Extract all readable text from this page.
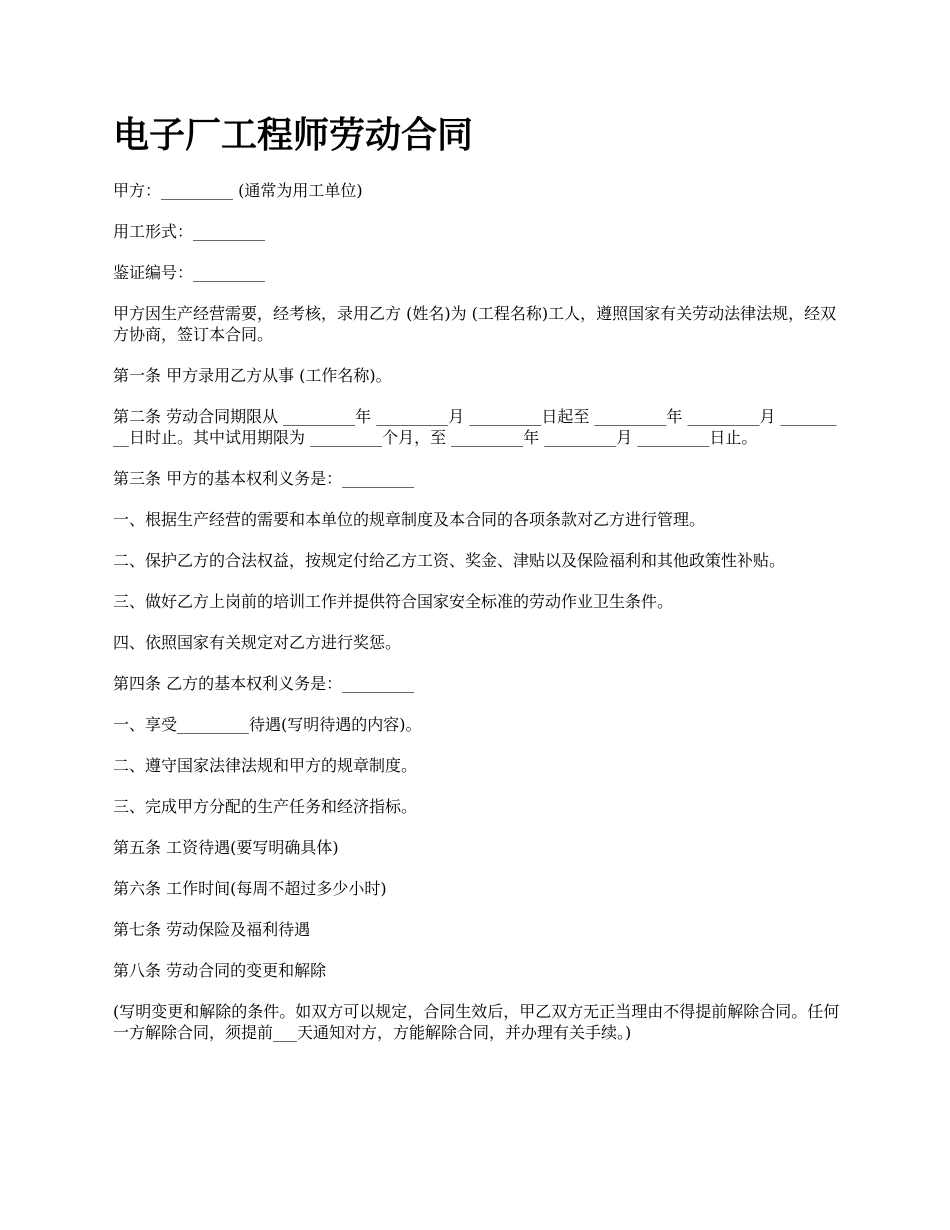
电子厂工程师劳动合同

甲方：_________ (通常为用工单位)

用工形式：_________

鉴证编号：_________

甲方因生产经营需要，经考核，录用乙方 (姓名)为 (工程名称)工人，遵照国家有关劳动法律法规，经双方协商，签订本合同。

第一条 甲方录用乙方从事 (工作名称)。

第二条 劳动合同期限从 _________年 _________月 _________日起至 _________年 _________月 _________日时止。其中试用期限为 _________个月，至 _________年 _________月 _________日止。

第三条 甲方的基本权利义务是：_________

一、根据生产经营的需要和本单位的规章制度及本合同的各项条款对乙方进行管理。

二、保护乙方的合法权益，按规定付给乙方工资、奖金、津贴以及保险福利和其他政策性补贴。

三、做好乙方上岗前的培训工作并提供符合国家安全标准的劳动作业卫生条件。

四、依照国家有关规定对乙方进行奖惩。

第四条 乙方的基本权利义务是：_________

一、享受_________待遇(写明待遇的内容)。

二、遵守国家法律法规和甲方的规章制度。

三、完成甲方分配的生产任务和经济指标。

第五条 工资待遇(要写明确具体)

第六条 工作时间(每周不超过多少小时)

第七条 劳动保险及福利待遇

第八条 劳动合同的变更和解除

(写明变更和解除的条件。如双方可以规定，合同生效后，甲乙双方无正当理由不得提前解除合同。任何一方解除合同，须提前___天通知对方，方能解除合同，并办理有关手续。)
